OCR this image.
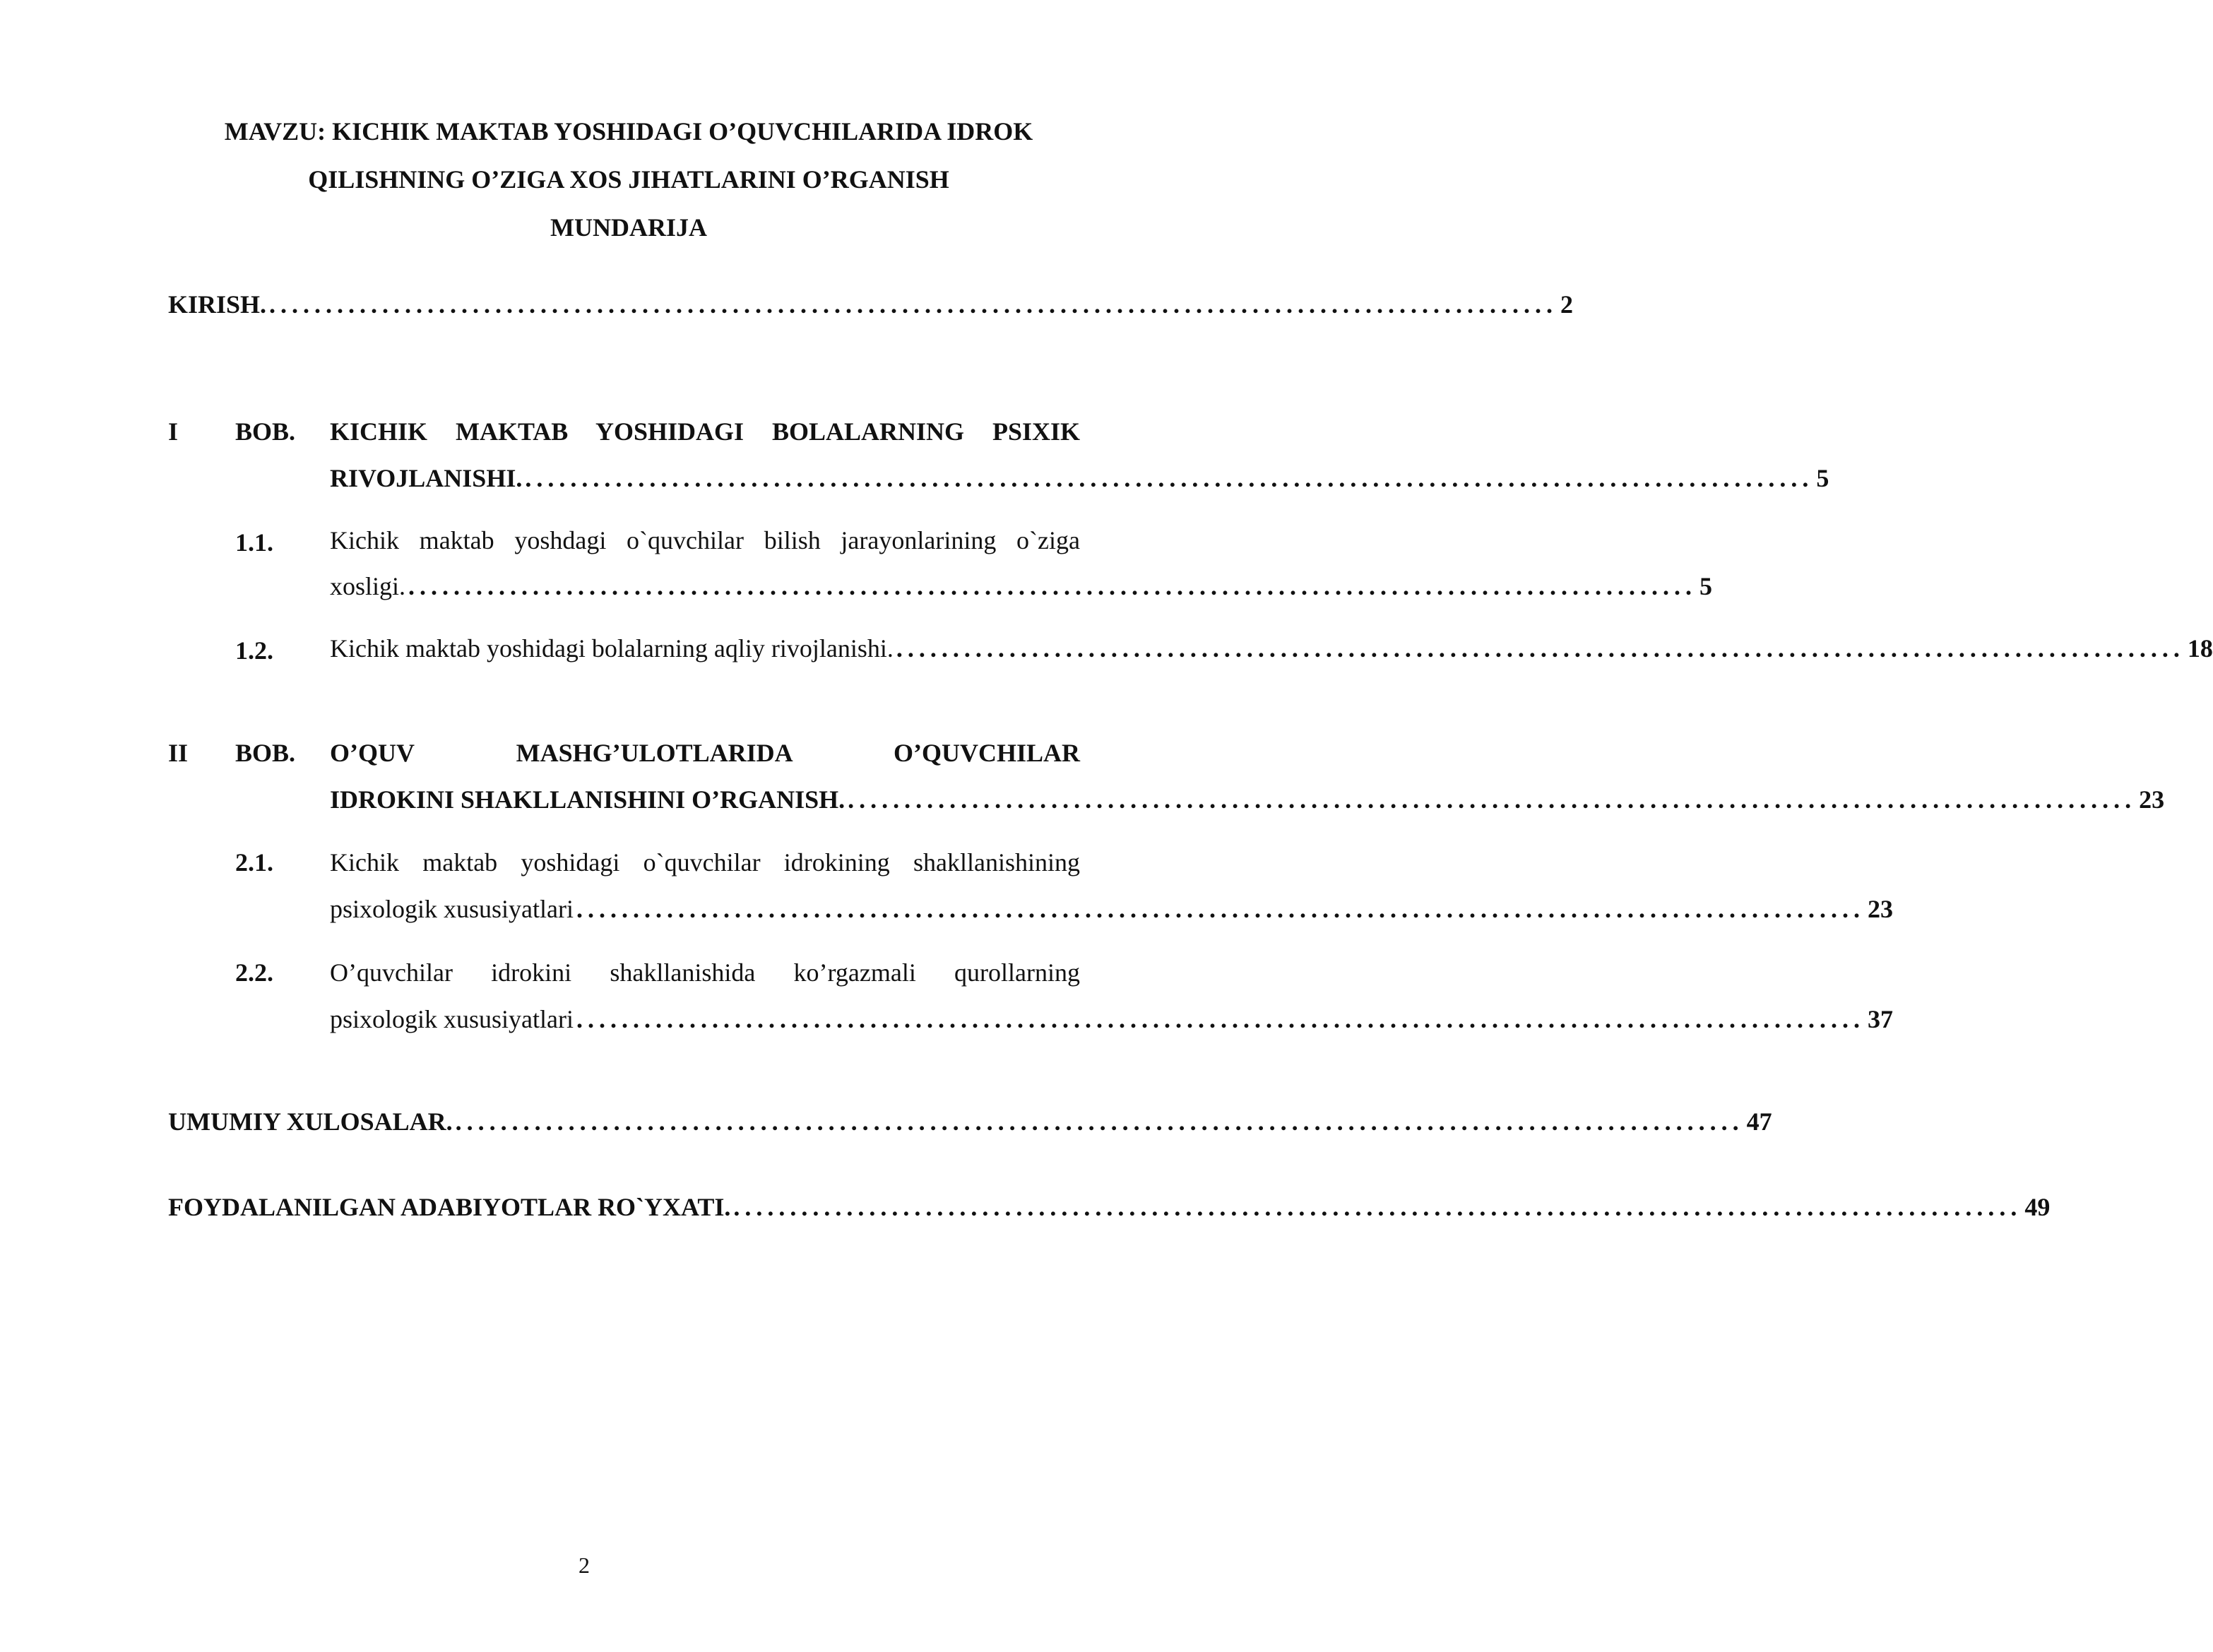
MAVZU: KICHIK MAKTAB YOSHIDAGI O’QUVCHILARIDA IDROK
QILISHNING O’ZIGA XOS JIHATLARINI O’RGANISH
MUNDARIJA
KIRISH. .................................................................................................................. 2
I BOB. KICHIK MAKTAB YOSHIDAGI BOLALARNING PSIXIK
RIVOJLANISHI. .................................................................................................................. 5
1.1. Kichik maktab yoshdagi o`quvchilar bilish jarayonlarining o`ziga
xosligi. .................................................................................................................. 5
1.2. Kichik maktab yoshidagi bolalarning aqliy rivojlanishi. .................................................................................................................. 18
II BOB. O’QUV MASHG’ULOTLARIDA O’QUVCHILAR
IDROKINI SHAKLLANISHINI O’RGANISH. .................................................................................................................. 23
2.1. Kichik maktab yoshidagi o`quvchilar idrokining shakllanishining
psixologik xususiyatlari .................................................................................................................. 23
2.2. O’quvchilar idrokini shakllanishida ko’rgazmali qurollarning
psixologik xususiyatlari .................................................................................................................. 37
UMUMIY XULOSALAR. .................................................................................................................. 47
FOYDALANILGAN ADABIYOTLAR RO`YXATI. .................................................................................................................. 49
2
